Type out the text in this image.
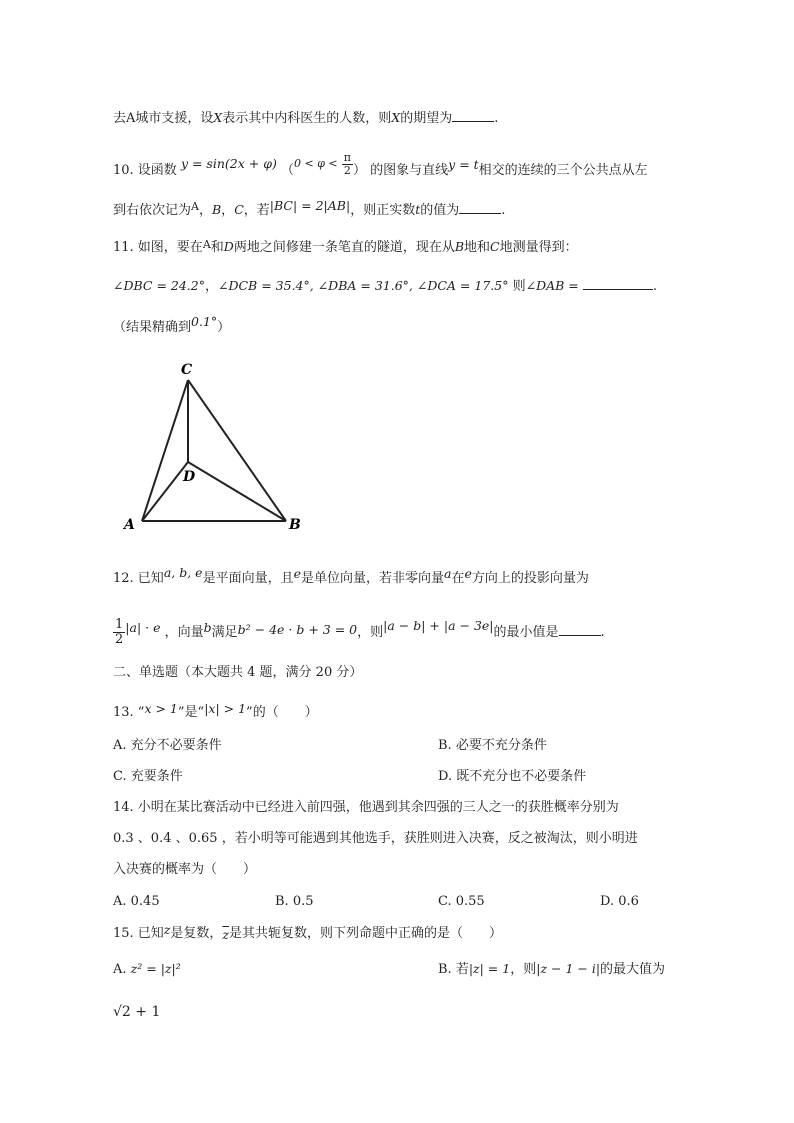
去A城市支援，设X表示其中内科医生的人数，则X的期望为	.
10. 设函数 y = sin(2x + φ) （$^{0 < \varphi <} \frac{\pi}{2}$ ） 的图象与直线y = t相交的连续的三个公共点从左
到右依次记为$^A$，B，C，若|BC| = 2|AB|，则正实数t的值为	.
11. 如图，要在$^A$和D两地之间修建一条笔直的隧道，现在从B地和C地测量得到：
∠DBC = 24.2°，∠DCB = 35.4°, ∠DBA = 31.6°, ∠DCA = 17.5° 则∠DAB =	.
（结果精确到0.1°）
C
D
A	B
12. 已知a, b, e是平面向量，且e是单位向量，若非零向量a在e方向上的投影向量为
$\frac{1}{2} |a| \cdot e$ ，向量b满足b² − 4e · b + 3 = 0，则|a − b| + |a − 3e|的最小值是	.
二、单选题（本大题共 4 题，满分 20 分）
13. “x > 1”是“|x| > 1”的（　　）
A. 充分不必要条件	B. 必要不充分条件
C. 充要条件	D. 既不充分也不必要条件
14. 小明在某比赛活动中已经进入前四强，他遇到其余四强的三人之一的获胜概率分别为
0.3 、0.4 、0.65 ，若小明等可能遇到其他选手，获胜则进入决赛，反之被淘汰，则小明进
入决赛的概率为（　　）
A. 0.45	B. 0.5	C. 0.55	D. 0.6
15. 已知z是复数，$\overline{z}$是其共轭复数，则下列命题中正确的是（　　）
A. z² = |z|²	B. 若|z| = 1，则|z − 1 − i|的最大值为
√2 + 1
